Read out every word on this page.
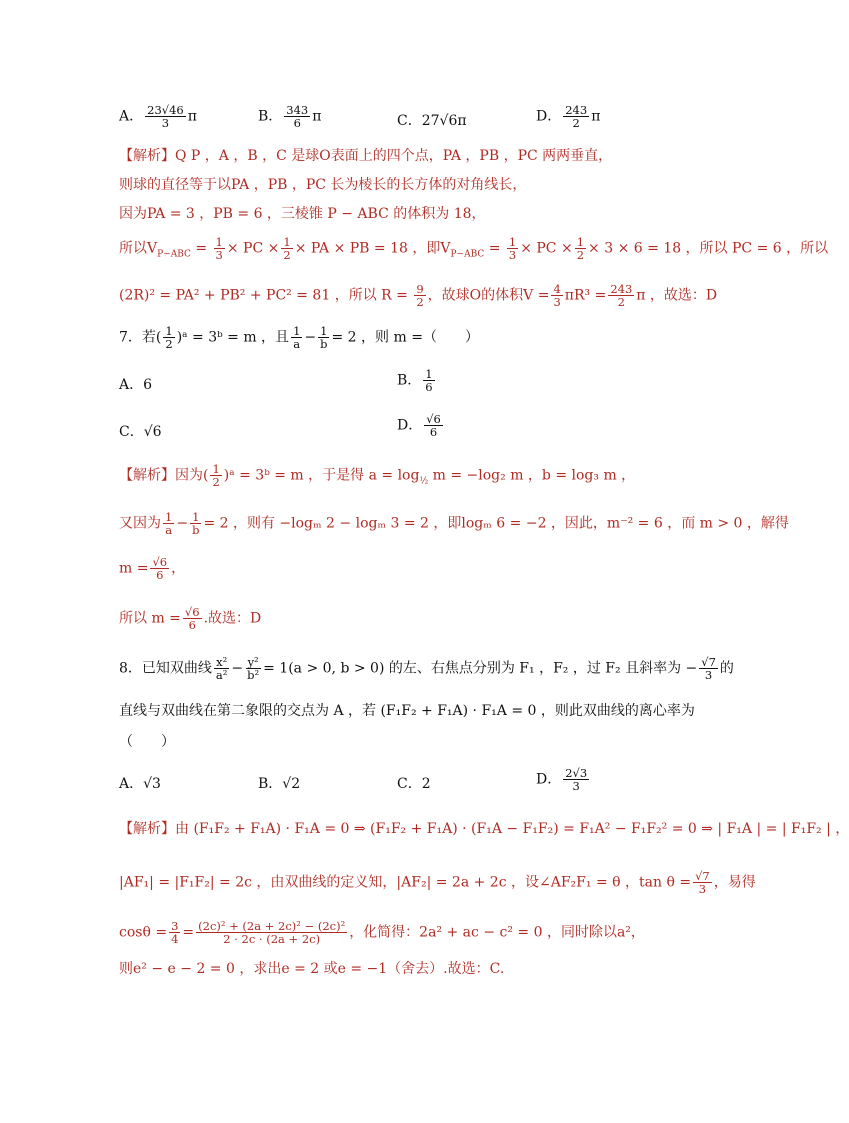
A． $\frac{23√46}{3}$ π	B． $\frac{343}{6}$ π	C．27√6π	D． $\frac{243}{2}$ π
【解析】Q P ，A ，B ，C 是球O表面上的四个点，PA ，PB ，PC 两两垂直，
则球的直径等于以PA ，PB ，PC 长为棱长的长方体的对角线长，
因为PA = 3 ，PB = 6 ，三棱锥 P − ABC 的体积为 18，
所以$V_{P-ABC} = \frac{1}{3}$ × PC × $\frac{1}{2}$ × PA × PB = 18 ，即$V_{P-ABC} = \frac{1}{3}$ × PC × $\frac{1}{2} \times 3 \times 6 = 18$ ，所以 PC = 6 ，所以
(2R)² = PA² + PB² + PC² = 81 ，所以 $R = \frac{9}{2}$ ，故球O的体积$V = \frac{4}{3} \pi R^3 = \frac{243}{2}$ π ，故选：D
7．若( $\frac{1}{2}$ )ᵃ = 3ᵇ = m ，且 $\frac{1}{a} - \frac{1}{b} = 2$ ，则 m =（　　）
A．6	B． $\frac{1}{6}$
C．√6	D． $\frac{√6}{6}$
【解析】因为( $\frac{1}{2}$ )ᵃ = 3ᵇ = m ，于是得 $a = \log_{\frac{1}{2}} m = -\log_2$ m ，b = log₃ m ，
又因为 $\frac{1}{a} - \frac{1}{b} = 2$ ，则有 −logₘ 2 − logₘ 3 = 2 ，即logₘ 6 = −2 ，因此，m⁻² = 6 ，而 m > 0 ，解得
$m = \frac{√6}{6}$ ，
所以 $m = \frac{√6}{6}$ .故选：D
8．已知双曲线 $\frac{\text{x²}}{\text{a²}} - \frac{\text{y²}}{\text{b²}} = 1(a > 0$, b > 0) 的左、右焦点分别为 F₁ ，F₂ ，过 F₂ 且斜率为 − $\frac{√7}{3}$ 的
直线与双曲线在第二象限的交点为 A ，若 (F₁F₂ + F₁A) · F₁A = 0 ，则此双曲线的离心率为
（　　）
A．√3	B．√2	C．2	D． $\frac{2√3}{3}$
【解析】由 (F₁F₂ + F₁A) · F₁A = 0 ⇒ (F₁F₂ + F₁A) · (F₁A − F₁F₂) = F₁A² − F₁F₂² = 0 ⇒ | F₁A | = | F₁F₂ | ，
|AF₁| = |F₁F₂| = 2c ，由双曲线的定义知，|AF₂| = 2a + 2c ，设∠AF₂F₁ = θ ，$\tan \theta = \frac{√7}{3}$ ，易得
$\cos\theta = \frac{3}{4} = \frac{\text{(2c)² + (2a + 2c)² − (2c)²}}{2 \cdot 2c \cdot (2a + 2c)}$ ，化简得：2a² + ac − c² = 0 ，同时除以a²，
则e² − e − 2 = 0 ，求出e = 2 或e = −1（舍去）.故选：C.
